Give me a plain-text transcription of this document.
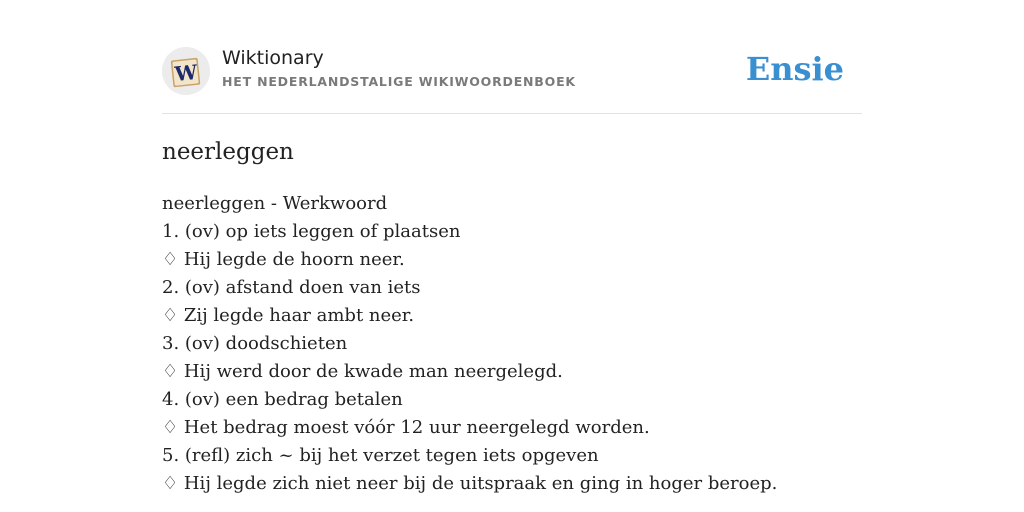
W
Wiktionary
HET NEDERLANDSTALIGE WIKIWOORDENBOEK	Ensie
neerleggen
neerleggen - Werkwoord
1. (ov) op iets leggen of plaatsen
♢ Hij legde de hoorn neer.
2. (ov) afstand doen van iets
♢ Zij legde haar ambt neer.
3. (ov) doodschieten
♢ Hij werd door de kwade man neergelegd.
4. (ov) een bedrag betalen
♢ Het bedrag moest vóór 12 uur neergelegd worden.
5. (refl) zich ~ bij het verzet tegen iets opgeven
♢ Hij legde zich niet neer bij de uitspraak en ging in hoger beroep.
